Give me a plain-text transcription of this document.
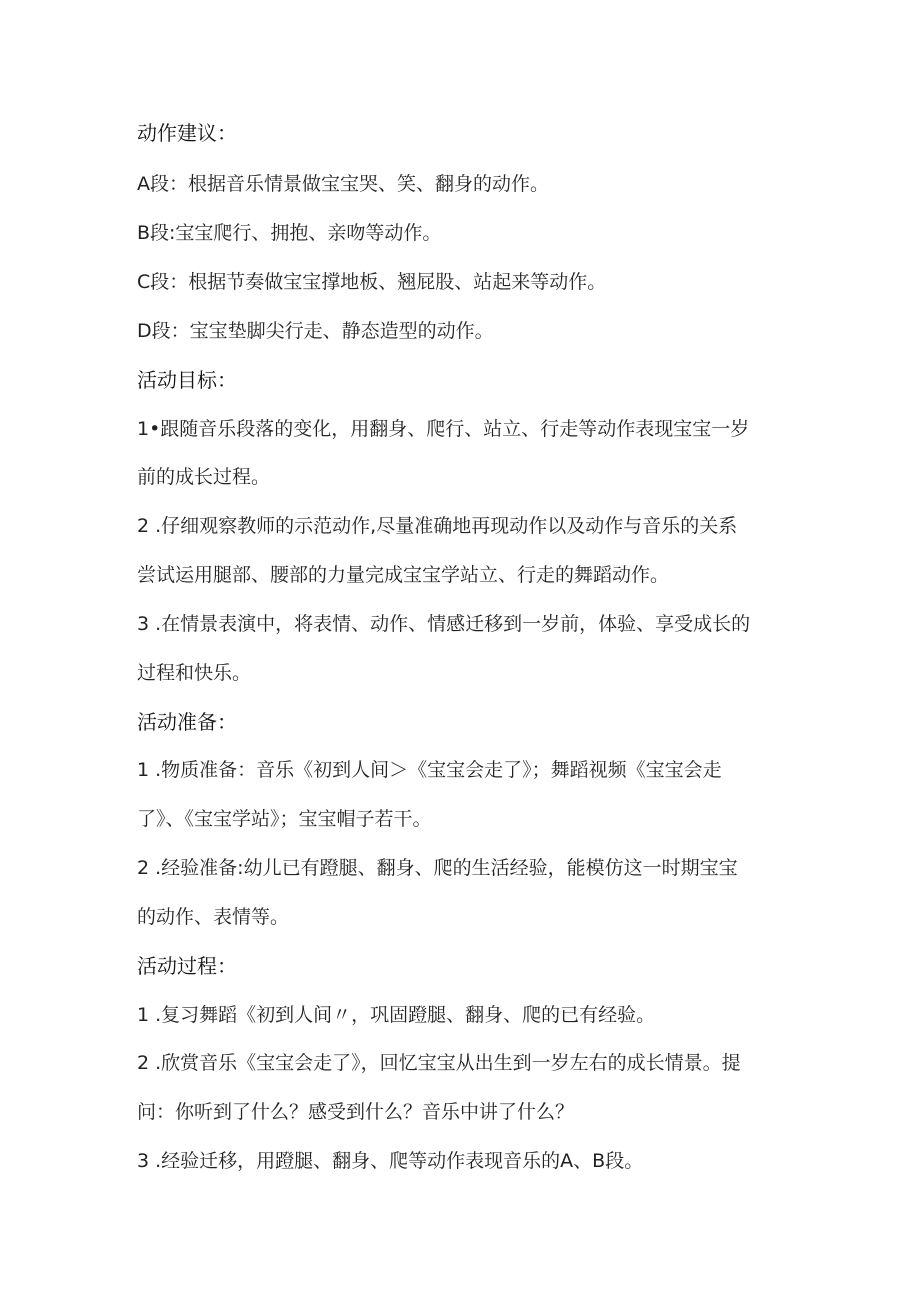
动作建议：

A段：根据音乐情景做宝宝哭、笑、翻身的动作。

B段:宝宝爬行、拥抱、亲吻等动作。

C段：根据节奏做宝宝撑地板、翘屁股、站起来等动作。

D段：宝宝垫脚尖行走、静态造型的动作。

活动目标：

1•跟随音乐段落的变化，用翻身、爬行、站立、行走等动作表现宝宝一岁

前的成长过程。

2 .仔细观察教师的示范动作,尽量准确地再现动作以及动作与音乐的关系

尝试运用腿部、腰部的力量完成宝宝学站立、行走的舞蹈动作。

3 .在情景表演中，将表情、动作、情感迁移到一岁前，体验、享受成长的

过程和快乐。

活动准备：

1 .物质准备：音乐《初到人间＞《宝宝会走了》；舞蹈视频《宝宝会走

了》、《宝宝学站》；宝宝帽子若干。

2 .经验准备:幼儿已有蹬腿、翻身、爬的生活经验，能模仿这一时期宝宝

的动作、表情等。

活动过程：

1 .复习舞蹈《初到人间〃，巩固蹬腿、翻身、爬的已有经验。

2 .欣赏音乐《宝宝会走了》，回忆宝宝从出生到一岁左右的成长情景。提

问：你听到了什么？感受到什么？音乐中讲了什么？

3 .经验迁移，用蹬腿、翻身、爬等动作表现音乐的A、B段。
